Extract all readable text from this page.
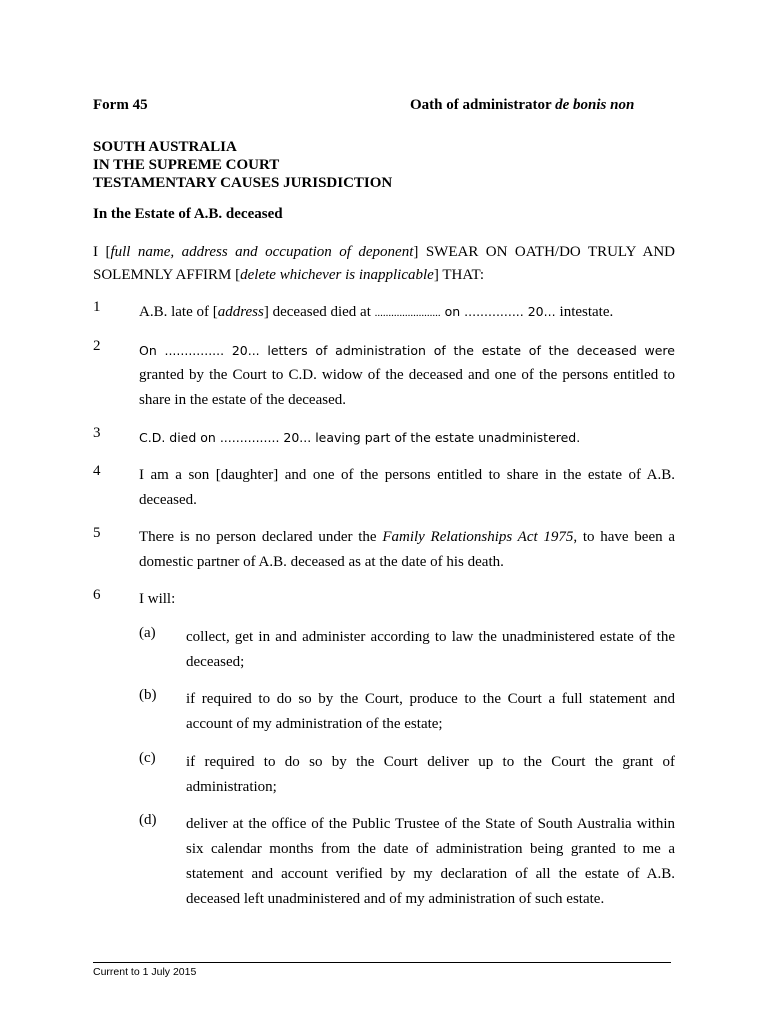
Form 45	Oath of administrator de bonis non
SOUTH AUSTRALIA
IN THE SUPREME COURT
TESTAMENTARY CAUSES JURISDICTION
In the Estate of A.B. deceased
I [full name, address and occupation of deponent] SWEAR ON OATH/DO TRULY AND SOLEMNLY AFFIRM [delete whichever is inapplicable] THAT:
1	A.B. late of [address] deceased died at ........................ on ............... 20... intestate.
2	On ............... 20... letters of administration of the estate of the deceased were
granted by the Court to C.D. widow of the deceased and one of the persons entitled to share in the estate of the deceased.
3	C.D. died on ............... 20... leaving part of the estate unadministered.
4	I am a son [daughter] and one of the persons entitled to share in the estate of A.B. deceased.
5	There is no person declared under the Family Relationships Act 1975, to have been a domestic partner of A.B. deceased as at the date of his death.
6	I will:
(a) collect, get in and administer according to law the unadministered estate of the deceased;
(b) if required to do so by the Court, produce to the Court a full statement and account of my administration of the estate;
(c) if required to do so by the Court deliver up to the Court the grant of administration;
(d) deliver at the office of the Public Trustee of the State of South Australia within six calendar months from the date of administration being granted to me a statement and account verified by my declaration of all the estate of A.B. deceased left unadministered and of my administration of such estate.
Current to 1 July 2015
